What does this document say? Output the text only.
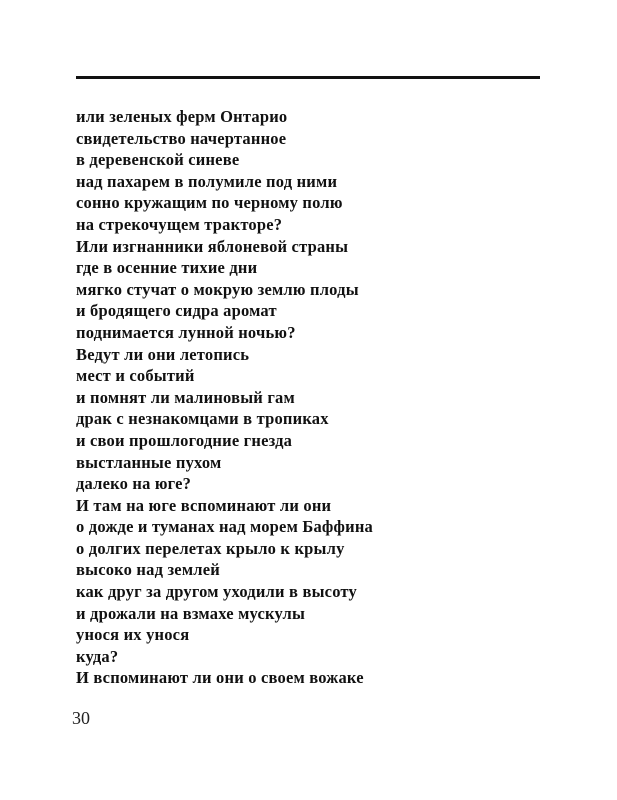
или зеленых ферм Онтарио
свидетельство начертанное
в деревенской синеве
над пахарем в полумиле под ними
сонно кружащим по черному полю
на стрекочущем тракторе?
Или изгнанники яблоневой страны
где в осенние тихие дни
мягко стучат о мокрую землю плоды
и бродящего сидра аромат
поднимается лунной ночью?
Ведут ли они летопись
мест и событий
и помнят ли малиновый гам
драк с незнакомцами в тропиках
и свои прошлогодние гнезда
выстланные пухом
далеко на юге?
И там на юге вспоминают ли они
о дожде и туманах над морем Баффина
о долгих перелетах крыло к крылу
высоко над землей
как друг за другом уходили в высоту
и дрожали на взмахе мускулы
унося их унося
куда?
И вспоминают ли они о своем вожаке
30
